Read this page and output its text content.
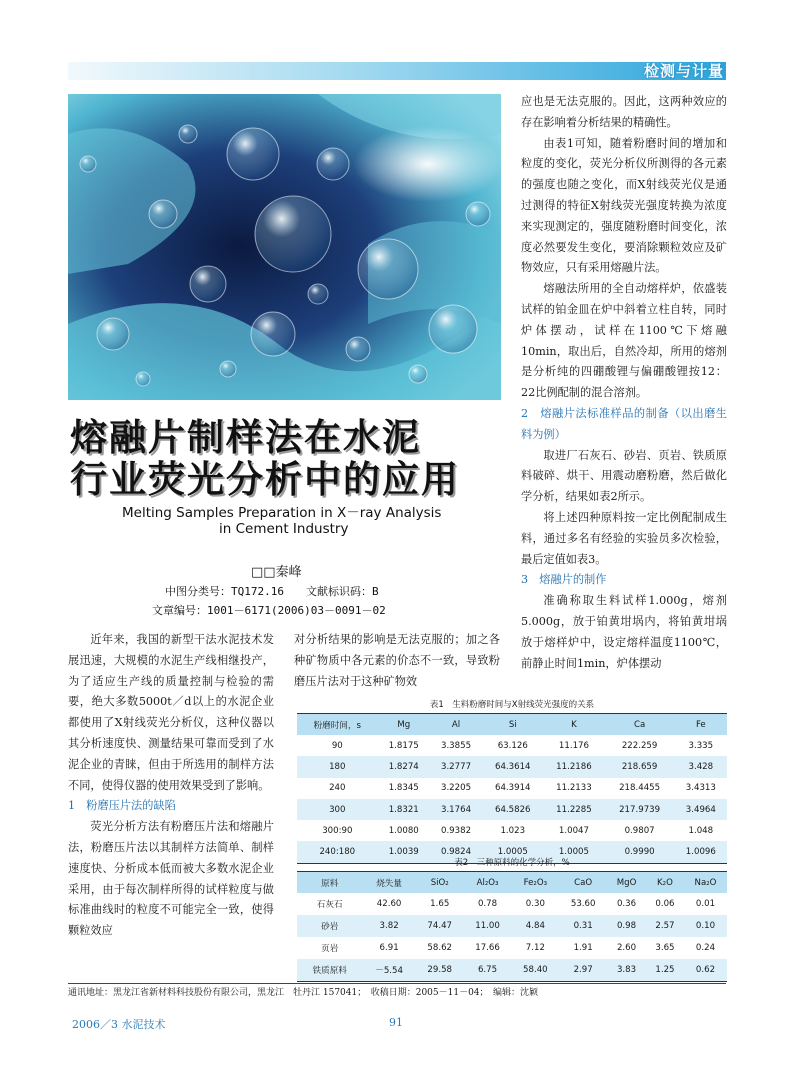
检测与计量
熔融片制样法在水泥
行业荧光分析中的应用
Melting Samples Preparation in X－ray Analysis
in Cement Industry
□□秦峰
中图分类号：TQ172.16　　文献标识码：B
文章编号：1001－6171(2006)03－0091－02

近年来，我国的新型干法水泥技术发展迅速，大规模的水泥生产线相继投产，为了适应生产线的质量控制与检验的需要，绝大多数5000t／d以上的水泥企业都使用了X射线荧光分析仪，这种仪器以其分析速度快、测量结果可靠而受到了水泥企业的青睐，但由于所选用的制样方法不同，使得仪器的使用效果受到了影响。

1　粉磨压片法的缺陷

荧光分析方法有粉磨压片法和熔融片法，粉磨压片法以其制样方法简单、制样速度快、分析成本低而被大多数水泥企业采用，由于每次制样所得的试样粒度与做标准曲线时的粒度不可能完全一致，使得颗粒效应

对分析结果的影响是无法克服的；加之各种矿物质中各元素的价态不一致，导致粉磨压片法对于这种矿物效

应也是无法克服的。因此，这两种效应的存在影响着分析结果的精确性。

由表1可知，随着粉磨时间的增加和粒度的变化，荧光分析仪所测得的各元素的强度也随之变化，而X射线荧光仪是通过测得的特征X射线荧光强度转换为浓度来实现测定的，强度随粉磨时间变化，浓度必然要发生变化，要消除颗粒效应及矿物效应，只有采用熔融片法。

熔融法所用的全自动熔样炉，依盛装试样的铂金皿在炉中斜着立柱自转，同时炉体摆动，试样在1100℃下熔融10min，取出后，自然冷却，所用的熔剂是分析纯的四硼酸锂与偏硼酸锂按12：22比例配制的混合溶剂。

2　熔融片法标准样品的制备（以出磨生料为例）

取进厂石灰石、砂岩、页岩、铁质原料破碎、烘干、用震动磨粉磨，然后做化学分析，结果如表2所示。

将上述四种原料按一定比例配制成生料，通过多名有经验的实验员多次检验，最后定值如表3。

3　熔融片的制作

准确称取生料试样1.000g，熔剂5.000g，放于铂黄坩埚内，将铂黄坩埚放于熔样炉中，设定熔样温度1100℃，前静止时间1min，炉体摆动

表1　生料粉磨时间与X射线荧光强度的关系
粉磨时间，s	Mg	Al	Si	K	Ca	Fe
90	1.8175	3.3855	63.126	11.176	222.259	3.335
180	1.8274	3.2777	64.3614	11.2186	218.659	3.428
240	1.8345	3.2205	64.3914	11.2133	218.4455	3.4313
300	1.8321	3.1764	64.5826	11.2285	217.9739	3.4964
300:90	1.0080	0.9382	1.023	1.0047	0.9807	1.048
240:180	1.0039	0.9824	1.0005	1.0005	0.9990	1.0096
表2　三种原料的化学分析，%
原料	烧失量	SiO₂	Al₂O₃	Fe₂O₃	CaO	MgO	K₂O	Na₂O
石灰石	42.60	1.65	0.78	0.30	53.60	0.36	0.06	0.01
砂岩	3.82	74.47	11.00	4.84	0.31	0.98	2.57	0.10
页岩	6.91	58.62	17.66	7.12	1.91	2.60	3.65	0.24
铁质原料	－5.54	29.58	6.75	58.40	2.97	3.83	1.25	0.62
通讯地址：黑龙江省新材料科技股份有限公司，黑龙江　牡丹江 157041；　收稿日期：2005－11－04；　编辑：沈颖
2006／3 水泥技术	91
